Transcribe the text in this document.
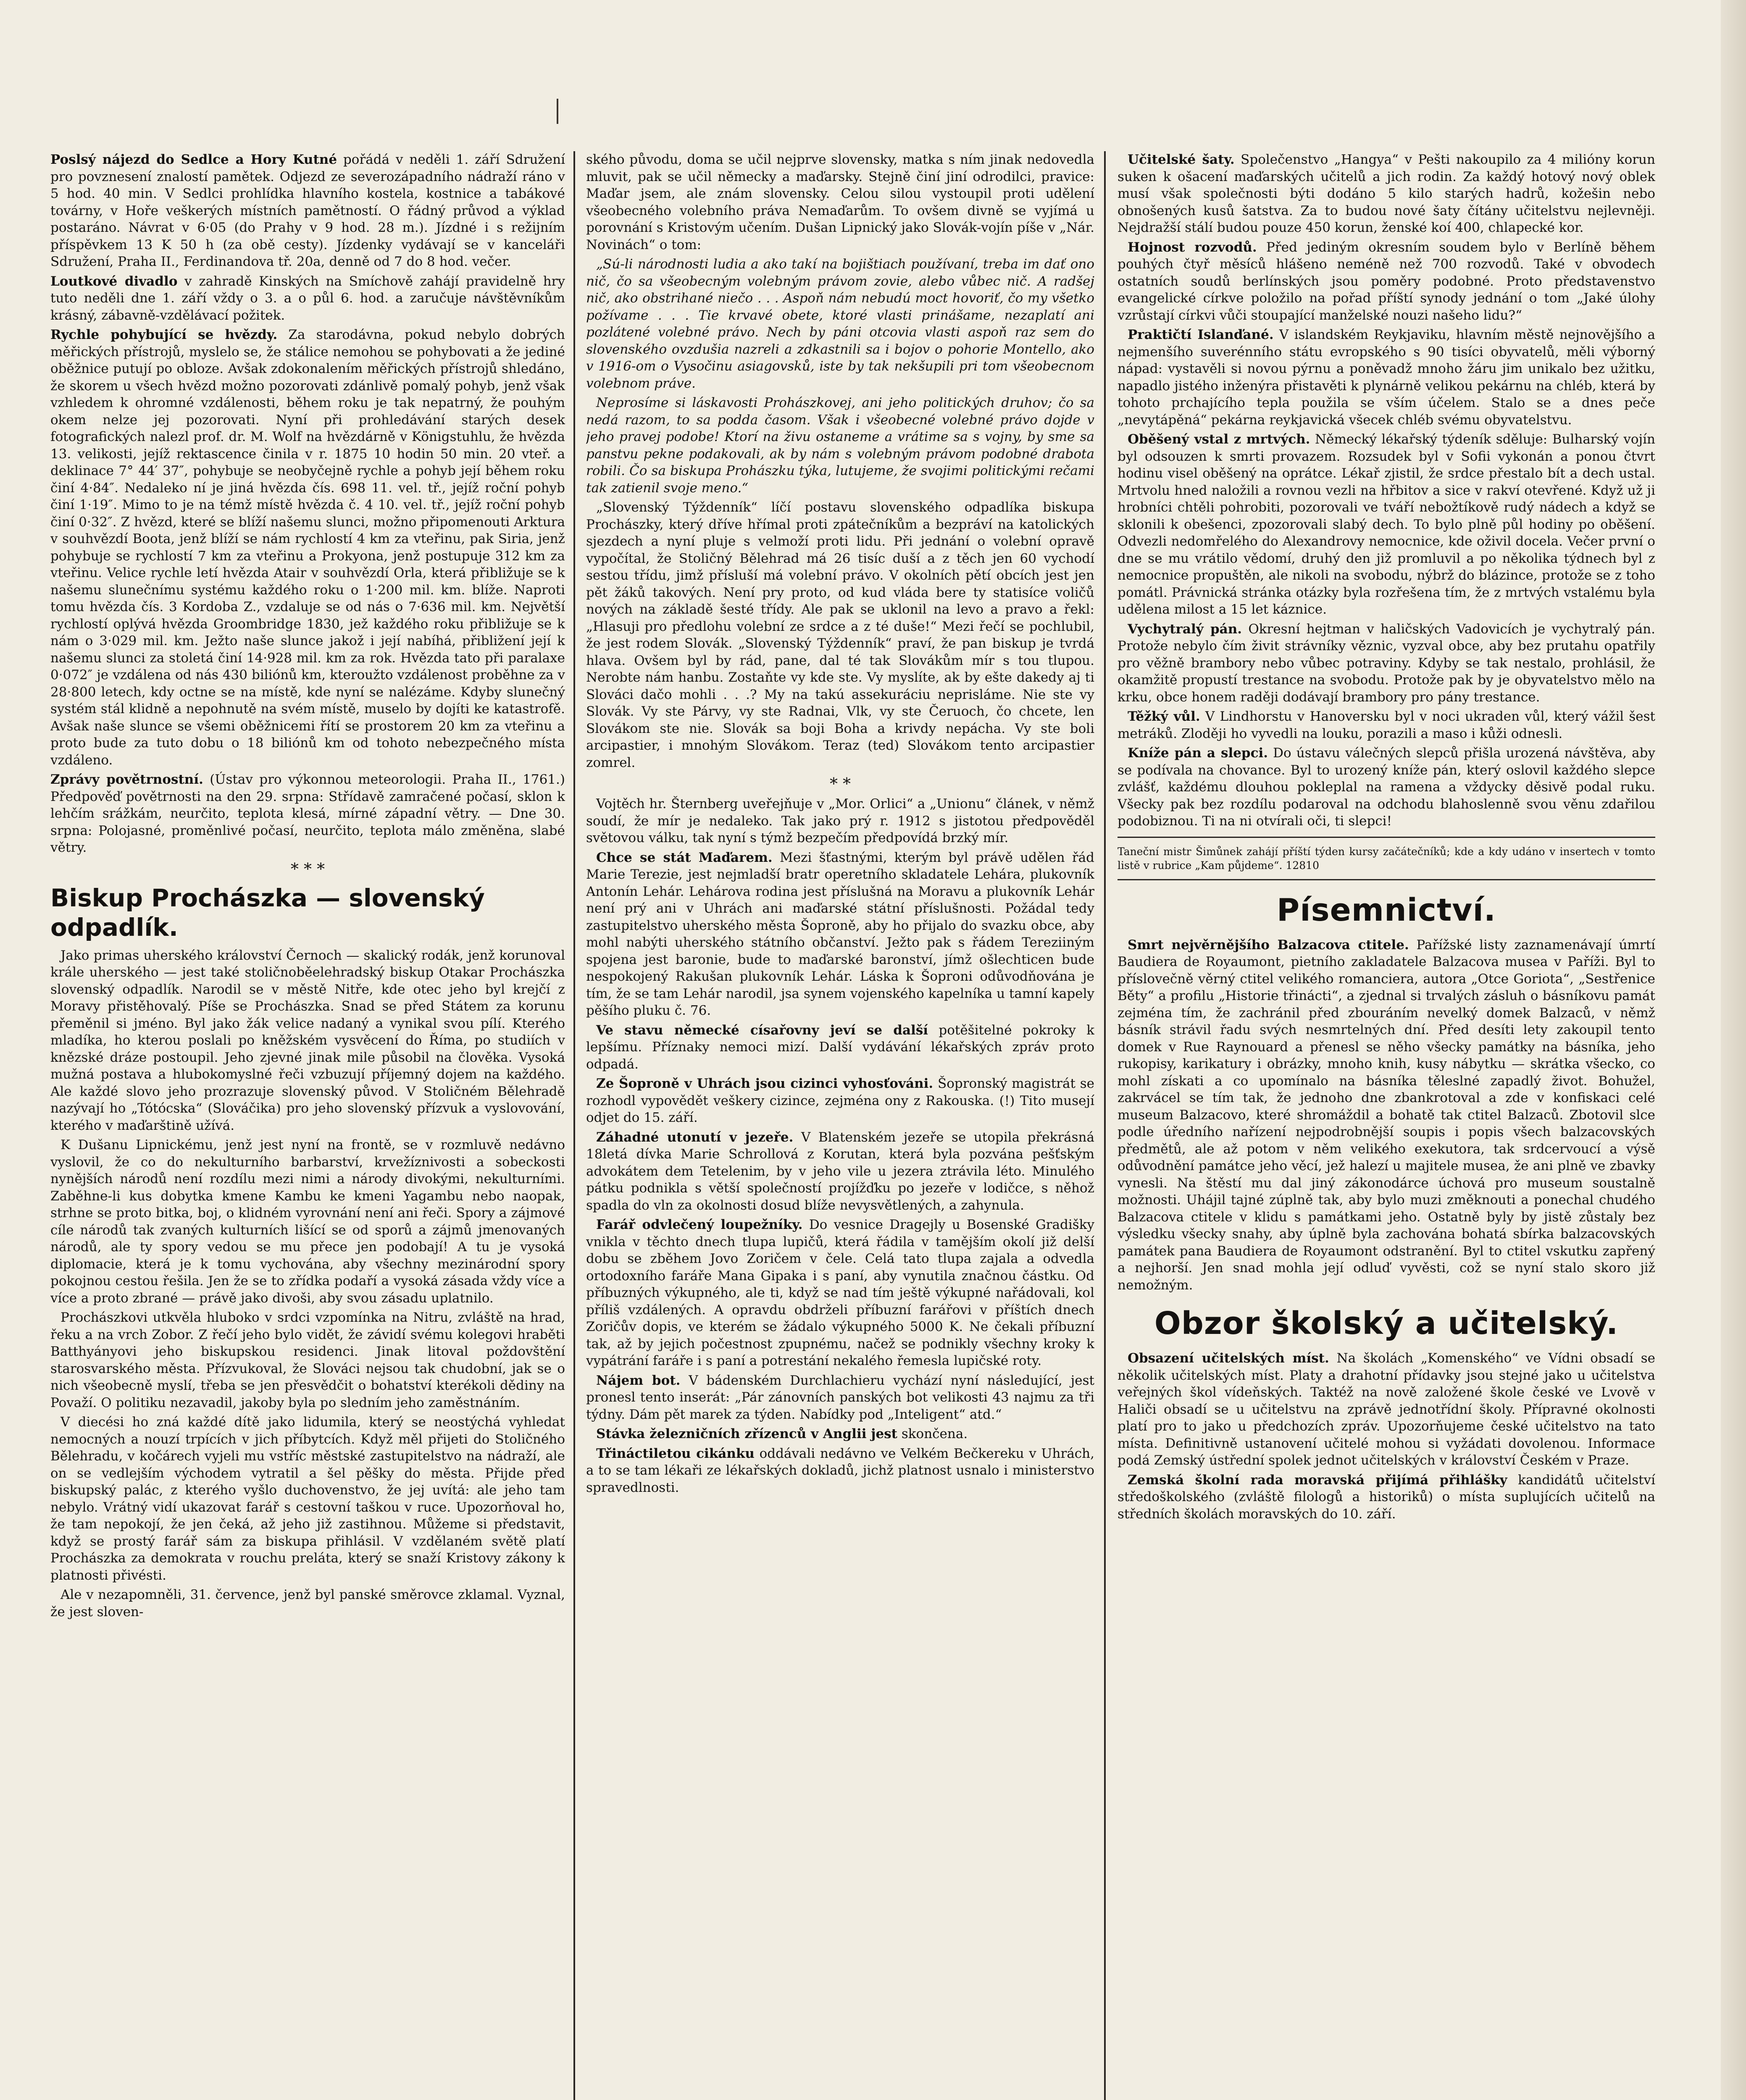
Poslsý nájezd do Sedlce a Hory Kutné pořádá v neděli 1. září Sdružení pro povznesení znalostí pamětek. Odjezd ze severozápadního nádraží ráno v 5 hod. 40 min. V Sedlci prohlídka hlavního kostela, kostnice a tabákové továrny, v Hoře veškerých místních pamětností. O řádný průvod a výklad postaráno. Návrat v 6·05 (do Prahy v 9 hod. 28 m.). Jízdné i s režijním příspěvkem 13 K 50 h (za obě cesty). Jízdenky vydávají se v kanceláři Sdružení, Praha II., Ferdinandova tř. 20a, denně od 7 do 8 hod. večer.

Loutkové divadlo v zahradě Kinských na Smíchově zahájí pravidelně hry tuto neděli dne 1. září vždy o 3. a o půl 6. hod. a zaručuje návštěvníkům krásný, zábavně-vzdělávací požitek.

Rychle pohybující se hvězdy. Za starodávna, pokud nebylo dobrých měřických přístrojů, myslelo se, že stálice nemohou se pohybovati a že jediné oběžnice putují po obloze. Avšak zdokonalením měřických přístrojů shledáno, že skorem u všech hvězd možno pozorovati zdánlivě pomalý pohyb, jenž však vzhledem k ohromné vzdálenosti, během roku je tak nepatrný, že pouhým okem nelze jej pozorovati. Nyní při prohledávání starých desek fotografických nalezl prof. dr. M. Wolf na hvězdárně v Königstuhlu, že hvězda 13. velikosti, jejíž rektascence činila v r. 1875 10 hodin 50 min. 20 vteř. a deklinace 7° 44′ 37″, pohybuje se neobyčejně rychle a pohyb její během roku činí 4·84″. Nedaleko ní je jiná hvězda čís. 698 11. vel. tř., jejíž roční pohyb činí 1·19″. Mimo to je na témž místě hvězda č. 4 10. vel. tř., jejíž roční pohyb činí 0·32″. Z hvězd, které se blíží našemu slunci, možno připomenouti Arktura v souhvězdí Boota, jenž blíží se nám rychlostí 4 km za vteřinu, pak Siria, jenž pohybuje se rychlostí 7 km za vteřinu a Prokyona, jenž postupuje 312 km za vteřinu. Velice rychle letí hvězda Atair v souhvězdí Orla, která přibližuje se k našemu slunečnímu systému každého roku o 1·200 mil. km. blíže. Naproti tomu hvězda čís. 3 Kordoba Z., vzdaluje se od nás o 7·636 mil. km. Největší rychlostí oplývá hvězda Groombridge 1830, jež každého roku přibližuje se k nám o 3·029 mil. km. Ježto naše slunce jakož i její nabíhá, přibližení její k našemu slunci za stoletá činí 14·928 mil. km za rok. Hvězda tato při paralaxe 0·072″ je vzdálena od nás 430 biliónů km, kteroužto vzdálenost proběhne za v 28·800 letech, kdy octne se na místě, kde nyní se nalézáme. Kdyby slunečný systém stál klidně a nepohnutě na svém místě, muselo by dojíti ke katastrofě. Avšak naše slunce se všemi oběžnicemi řítí se prostorem 20 km za vteřinu a proto bude za tuto dobu o 18 biliónů km od tohoto nebezpečného místa vzdáleno.

Zprávy povětrnostní. (Ústav pro výkonnou meteorologii. Praha II., 1761.) Předpověď povětrnosti na den 29. srpna: Střídavě zamračené počasí, sklon k lehčím srážkám, neurčito, teplota klesá, mírné západní větry. — Dne 30. srpna: Polojasné, proměnlivé počasí, neurčito, teplota málo změněna, slabé větry.

* * *
Biskup Prochászka — slovenský odpadlík.

Jako primas uherského království Černoch — skalický rodák, jenž korunoval krále uherského — jest také stoličnoběelehradský biskup Otakar Prochászka slovenský odpadlík. Narodil se v městě Nitře, kde otec jeho byl krejčí z Moravy přistěhovalý. Píše se Prochászka. Snad se před Státem za korunu přeměnil si jméno. Byl jako žák velice nadaný a vynikal svou pílí. Kterého mladíka, ho kterou poslali po kněžském vysvěcení do Říma, po studiích v knězské dráze postoupil. Jeho zjevné jinak mile působil na člověka. Vysoká mužná postava a hlubokomyslné řeči vzbuzují příjemný dojem na každého. Ale každé slovo jeho prozrazuje slovenský původ. V Stoličném Bělehradě nazývají ho „Tótócska“ (Slováčika) pro jeho slovenský přízvuk a vyslovování, kterého v maďarštině užívá.

K Dušanu Lipnickému, jenž jest nyní na frontě, se v rozmluvě nedávno vyslovil, že co do nekulturního barbarství, krvežíznivosti a sobeckosti nynějších národů není rozdílu mezi nimi a národy divokými, nekulturními. Zaběhne-li kus dobytka kmene Kambu ke kmeni Yagambu nebo naopak, strhne se proto bitka, boj, o klidném vyrovnání není ani řeči. Spory a zájmové cíle národů tak zvaných kulturních lišící se od sporů a zájmů jmenovaných národů, ale ty spory vedou se mu přece jen podobají! A tu je vysoká diplomacie, která je k tomu vychována, aby všechny mezinárodní spory pokojnou cestou řešila. Jen že se to zřídka podaří a vysoká zásada vždy více a více a proto zbrané — právě jako divoši, aby svou zásadu uplatnilo.

Prochászkovi utkvěla hluboko v srdci vzpomínka na Nitru, zvláště na hrad, řeku a na vrch Zobor. Z řečí jeho bylo vidět, že závidí svému kolegovi hraběti Batthyányovi jeho biskupskou residenci. Jinak litoval poždovštění starosvarského města. Přízvukoval, že Slováci nejsou tak chudobní, jak se o nich všeobecně myslí, třeba se jen přesvědčit o bohatství kterékoli dědiny na Považí. O politiku nezavadil, jakoby byla po sledním jeho zaměstnáním.

V diecési ho zná každé dítě jako lidumila, který se neostýchá vyhledat nemocných a nouzí trpících v jich příbytcích. Když měl přijeti do Stoličného Bělehradu, v kočárech vyjeli mu vstříc městské zastupitelstvo na nádraží, ale on se vedlejším východem vytratil a šel pěšky do města. Přijde před biskupský palác, z kterého vyšlo duchovenstvo, že jej uvítá: ale jeho tam nebylo. Vrátný vidí ukazovat farář s cestovní taškou v ruce. Upozorňoval ho, že tam nepokojí, že jen čeká, až jeho již zastihnou. Můžeme si představit, když se prostý farář sám za biskupa přihlásil. V vzdělaném světě platí Prochászka za demokrata v rouchu preláta, který se snaží Kristovy zákony k platnosti přivésti.

Ale v nezapomněli, 31. července, jenž byl panské směrovce zklamal. Vyznal, že jest sloven-

ského původu, doma se učil nejprve slovensky, matka s ním jinak nedovedla mluvit, pak se učil německy a maďarsky. Stejně činí jiní odrodilci, pravice: Maďar jsem, ale znám slovensky. Celou silou vystoupil proti udělení všeobecného volebního práva Nemaďarům. To ovšem divně se vyjímá u porovnání s Kristovým učením. Dušan Lipnický jako Slovák-vojín píše v „Nár. Novinách“ o tom:

„Sú-li národnosti ludia a ako takí na bojištiach používaní, treba im dať ono nič, čo sa všeobecným volebným právom zovie, alebo vůbec nič. A radšej nič, ako obstrihané niečo . . . Aspoň nám nebudú moct hovoriť, čo my všetko požívame . . . Tie krvavé obete, ktoré vlasti prinášame, nezaplatí ani pozlátené volebné právo. Nech by páni otcovia vlasti aspoň raz sem do slovenského ovzdušia nazreli a zdkastnili sa i bojov o pohorie Montello, ako v 1916-om o Vysočinu asiagovsků, iste by tak nekšupili pri tom všeobecnom volebnom práve.

Neprosíme si láskavosti Prohászkovej, ani jeho politických druhov; čo sa nedá razom, to sa podda časom. Však i všeobecné volebné právo dojde v jeho pravej podobe! Ktorí na živu ostaneme a vrátime sa s vojny, by sme sa panstvu pekne podakovali, ak by nám s volebným právom podobné drabota robili. Čo sa biskupa Prohászku týka, lutujeme, že svojimi politickými rečami tak zatienil svoje meno.“

„Slovenský Týždenník“ líčí postavu slovenského odpadlíka biskupa Prochászky, který dříve hřímal proti zpátečníkům a bezpráví na katolických sjezdech a nyní pluje s velmoží proti lidu. Při jednání o volební opravě vypočítal, že Stoličný Bělehrad má 26 tisíc duší a z těch jen 60 vychodí sestou třídu, jimž přísluší má volební právo. V okolních pětí obcích jest jen pět žáků takových. Není pry proto, od kud vláda bere ty statisíce voličů nových na základě šesté třídy. Ale pak se uklonil na levo a pravo a řekl: „Hlasuji pro předlohu volební ze srdce a z té duše!“ Mezi řečí se pochlubil, že jest rodem Slovák. „Slovenský Týždenník“ praví, že pan biskup je tvrdá hlava. Ovšem byl by rád, pane, dal té tak Slovákům mír s tou tlupou. Nerobte nám hanbu. Zostaňte vy kde ste. Vy myslíte, ak by ešte dakedy aj ti Slováci dačo mohli . . .? My na takú assekuráciu neprisláme. Nie ste vy Slovák. Vy ste Párvy, vy ste Radnai, Vlk, vy ste Čeruoch, čo chcete, len Slovákom ste nie. Slovák sa boji Boha a krivdy nepácha. Vy ste boli arcipastier, i mnohým Slovákom. Teraz (ted) Slovákom tento arcipastier zomrel.

* *

Vojtěch hr. Šternberg uveřejňuje v „Mor. Orlici“ a „Unionu“ článek, v němž soudí, že mír je nedaleko. Tak jako prý r. 1912 s jistotou předpověděl světovou válku, tak nyní s týmž bezpečím předpovídá brzký mír.

Chce se stát Maďarem. Mezi šťastnými, kterým byl právě udělen řád Marie Terezie, jest nejmladší bratr operetního skladatele Lehára, plukovník Antonín Lehár. Lehárova rodina jest příslušná na Moravu a plukovník Lehár není prý ani v Uhrách ani maďarské státní příslušnosti. Požádal tedy zastupitelstvo uherského města Šoproně, aby ho přijalo do svazku obce, aby mohl nabýti uherského státního občanství. Ježto pak s řádem Tereziiným spojena jest baronie, bude to maďarské baronství, jímž ošlechticen bude nespokojený Rakušan plukovník Lehár. Láska k Šoproni odůvodňována je tím, že se tam Lehár narodil, jsa synem vojenského kapelníka u tamní kapely pěšího pluku č. 76.

Ve stavu německé císařovny jeví se další potěšitelné pokroky k lepšímu. Příznaky nemoci mizí. Další vydávání lékařských zpráv proto odpadá.

Ze Šoproně v Uhrách jsou cizinci vyhosťováni. Šopronský magistrát se rozhodl vypovědět veškery cizince, zejména ony z Rakouska. (!) Tito musejí odjet do 15. září.

Záhadné utonutí v jezeře. V Blatenském jezeře se utopila překrásná 18letá dívka Marie Schrollová z Korutan, která byla pozvána pešťským advokátem dem Tetelenim, by v jeho vile u jezera ztrávila léto. Minulého pátku podnikla s větší společností projížďku po jezeře v lodičce, s něhož spadla do vln za okolnosti dosud blíže nevysvětlených, a zahynula.

Farář odvlečený loupežníky. Do vesnice Dragejly u Bosenské Gradišky vnikla v těchto dnech tlupa lupičů, která řádila v tamějším okolí již delší dobu se zběhem Jovo Zoričem v čele. Celá tato tlupa zajala a odvedla ortodoxního faráře Mana Gipaka i s paní, aby vynutila značnou částku. Od příbuzných výkupného, ale ti, když se nad tím ještě výkupné nařádovali, kol příliš vzdálených. A opravdu obdrželi příbuzní farářovi v příštích dnech Zoričův dopis, ve kterém se žádalo výkupného 5000 K. Ne čekali příbuzní tak, až by jejich počestnost zpupnému, načež se podnikly všechny kroky k vypátrání faráře i s paní a potrestání nekalého řemesla lupičské roty.

Nájem bot. V bádenském Durchlachieru vychází nyní následující, jest pronesl tento inserát: „Pár zánovních panských bot velikosti 43 najmu za tři týdny. Dám pět marek za týden. Nabídky pod „Inteligent“ atd.“

Stávka železničních zřízenců v Anglii jest skončena.

Třináctiletou cikánku oddávali nedávno ve Velkém Bečkereku v Uhrách, a to se tam lékaři ze lékařských dokladů, jichž platnost usnalo i ministerstvo spravedlnosti.

Učitelské šaty. Společenstvo „Hangya“ v Pešti nakoupilo za 4 milióny korun suken k ošacení maďarských učitelů a jich rodin. Za každý hotový nový oblek musí však společnosti býti dodáno 5 kilo starých hadrů, kožešin nebo obnošených kusů šatstva. Za to budou nové šaty čítány učitelstvu nejlevněji. Nejdražší stálí budou pouze 450 korun, ženské koí 400, chlapecké kor.

Hojnost rozvodů. Před jediným okresním soudem bylo v Berlíně během pouhých čtyř měsíců hlášeno neméně než 700 rozvodů. Také v obvodech ostatních soudů berlínských jsou poměry podobné. Proto představenstvo evangelické církve položilo na pořad příští synody jednání o tom „Jaké úlohy vzrůstají církvi vůči stoupající manželské nouzi našeho lidu?“

Praktičtí Islanďané. V islandském Reykjaviku, hlavním městě nejnovějšího a nejmenšího suverénního státu evropského s 90 tisíci obyvatelů, měli výborný nápad: vystavěli si novou pýrnu a poněvadž mnoho žáru jim unikalo bez užitku, napadlo jistého inženýra přistavěti k plynárně velikou pekárnu na chléb, která by tohoto prchajícího tepla použila se vším účelem. Stalo se a dnes peče „nevytápěná“ pekárna reykjavická všecek chléb svému obyvatelstvu.

Oběšený vstal z mrtvých. Německý lékařský týdeník sděluje: Bulharský vojín byl odsouzen k smrti provazem. Rozsudek byl v Sofii vykonán a ponou čtvrt hodinu visel oběšený na oprátce. Lékař zjistil, že srdce přestalo bít a dech ustal. Mrtvolu hned naložili a rovnou vezli na hřbitov a sice v rakví otevřené. Když už ji hrobníci chtěli pohrobiti, pozorovali ve tváří nebožtíkově rudý nádech a když se sklonili k obešenci, zpozorovali slabý dech. To bylo plně půl hodiny po oběšení. Odvezli nedomřelého do Alexandrovy nemocnice, kde oživil docela. Večer první o dne se mu vrátilo vědomí, druhý den již promluvil a po několika týdnech byl z nemocnice propuštěn, ale nikoli na svobodu, nýbrž do blázince, protože se z toho pomátl. Právnická stránka otázky byla rozřešena tím, že z mrtvých vstalému byla udělena milost a 15 let káznice.

Vychytralý pán. Okresní hejtman v haličských Vadovicích je vychytralý pán. Protože nebylo čím živit strávníky věznic, vyzval obce, aby bez prutahu opatřily pro věžně brambory nebo vůbec potraviny. Kdyby se tak nestalo, prohlásil, že okamžitě propustí trestance na svobodu. Protože pak by je obyvatelstvo mělo na krku, obce honem raději dodávají brambory pro pány trestance.

Těžký vůl. V Lindhorstu v Hanoversku byl v noci ukraden vůl, který vážil šest metráků. Zloději ho vyvedli na louku, porazili a maso i kůži odnesli.

Kníže pán a slepci. Do ústavu válečných slepců přišla urozená návštěva, aby se podívala na chovance. Byl to urozený kníže pán, který oslovil každého slepce zvlášť, každému dlouhou pokleplal na ramena a vždycky děsivě podal ruku. Všecky pak bez rozdílu podaroval na odchodu blahoslenně svou věnu zdařilou podobiznou. Ti na ni otvírali oči, ti slepci!

Taneční mistr Šimůnek zahájí příští týden kursy začátečníků; kde a kdy udáno v insertech v tomto listě v rubrice „Kam půjdeme“. 12810
Písemnictví.

Smrt nejvěrnějšího Balzacova ctitele. Pařížské listy zaznamenávají úmrtí Baudiera de Royaumont, pietního zakladatele Balzacova musea v Paříži. Byl to příslovečně věrný ctitel velikého romanciera, autora „Otce Goriota“, „Sestřenice Běty“ a profilu „Historie třinácti“, a zjednal si trvalých zásluh o básníkovu památ zejména tím, že zachránil před zbouráním nevelký domek Balzaců, v němž básník strávil řadu svých nesmrtelných dní. Před desíti lety zakoupil tento domek v Rue Raynouard a přenesl se něho všecky památky na básníka, jeho rukopisy, karikatury i obrázky, mnoho knih, kusy nábytku — skrátka všecko, co mohl získati a co upomínalo na básníka těleslné zapadlý život. Bohužel, zakrvácel se tím tak, že jednoho dne zbankrotoval a zde v konfiskaci celé museum Balzacovo, které shromáždil a bohatě tak ctitel Balzaců. Zbotovil slce podle úředního nařízení nejpodrobnější soupis i popis všech balzacovských předmětů, ale až potom v něm velikého exekutora, tak srdcervoucí a výsě odůvodnění památce jeho věcí, jež halezí u majitele musea, že ani plně ve zbavky vynesli. Na štěstí mu dal jiný zákonodárce úchová pro museum soustalně možnosti. Uhájil tajné zúplně tak, aby bylo muzi změknouti a ponechal chudého Balzacova ctitele v klidu s památkami jeho. Ostatně byly by jistě zůstaly bez výsledku všecky snahy, aby úplně byla zachována bohatá sbírka balzacovských památek pana Baudiera de Royaumont odstranění. Byl to ctitel vskutku zapřený a nejhorší. Jen snad mohla její odluď vyvěsti, což se nyní stalo skoro již nemožným.

Obzor školský a učitelský.

Obsazení učitelských míst. Na školách „Komenského“ ve Vídni obsadí se několik učitelských míst. Platy a drahotní přídavky jsou stejné jako u učitelstva veřejných škol vídeňských. Taktéž na nově založené škole české ve Lvově v Haliči obsadí se u učitelstvu na zprávě jednotřídní školy. Přípravné okolnosti platí pro to jako u předchozích zpráv. Upozorňujeme české učitelstvo na tato místa. Definitivně ustanovení učitelé mohou si vyžádati dovolenou. Informace podá Zemský ústřední spolek jednot učitelských v království Českém v Praze.

Zemská školní rada moravská přijímá přihlášky kandidátů učitelství středoškolského (zvláště filologů a historiků) o místa suplujících učitelů na středních školách moravských do 10. září.
